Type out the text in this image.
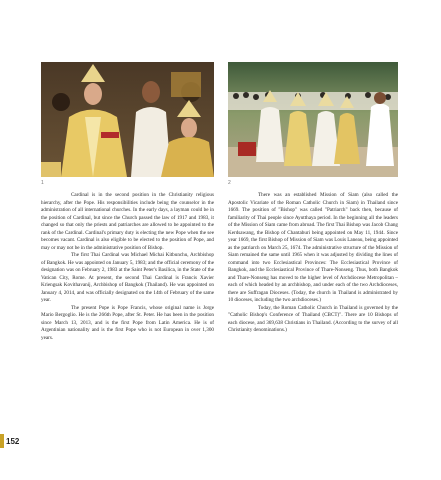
1	2

Cardinal is in the second position in the Christianity religious hierarchy, after the Pope. His responsibilities include being the counselor in the administration of all international churches. In the early days, a layman could be in the position of Cardinal, but since the Church passed the law of 1917 and 1983, it changed so that only the priests and patriarches are allowed to be appointed to the rank of the Cardinal. Cardinal's primary duty is electing the new Pope when the see becomes vacant. Cardinal is also eligible to be elected to the position of Pope, and may or may not be in the administrative position of Bishop.

The first Thai Cardinal was Michael Michai Kitbunchu, Archbishop of Bangkok. He was appointed on January 5, 1983; and the official ceremony of the designation was on February 2, 1983 at the Saint Peter's Basilica, in the State of the Vatican City, Rome. At present, the second Thai Cardinal is Francis Xavier Kriengsak Kovithavanij, Archbishop of Bangkok (Thailand). He was appointed on January 4, 2014, and was officially designated on the 14th of February of the same year.

The present Pope is Pope Francis, whose original name is Jorge Mario Bergoglio. He is the 266th Pope, after St. Peter. He has been in the position since March 13, 2013, and is the first Pope from Latin America. He is of Argentinian nationality and is the first Pope who is not European in over 1,300 years.

There was an established Mission of Siam (also called the Apostolic Vicariate of the Roman Catholic Church in Siam) in Thailand since 1669. The position of "Bishop" was called "Patriarch" back then, because of familiarity of Thai people since Ayutthaya period. In the beginning all the leaders of the Mission of Siam came from abroad. The first Thai Bishop was Jacob Chang Kerdsawang, the Bishop of Chantaburi being appointed on May 11, 1944. Since year 1669, the first Bishop of Mission of Siam was Louis Laneau, being appointed as the patriarch on March 25, 1674. The administrative structure of the Mission of Siam remained the same until 1965 when it was adjusted by dividing the lines of command into two Ecclesiastical Provinces: The Ecclesiastical Province of Bangkok, and the Ecclesiastical Province of Thare-Nonseng. Thus, both Bangkok and Thare-Nonseng has moved to the higher level of Archdiocese Metropolitan – each of which headed by an archbishop, and under each of the two Archdioceses, there are Suffragan Dioceses. (Today, the church in Thailand is administrated by 10 dioceses, including the two archdioceses.)

Today, the Roman Catholic Church in Thailand is governed by the "Catholic Bishop's Conference of Thailand (CBCT)". There are 10 Bishops of each diocese, and 369,638 Christians in Thailand. (According to the survey of all Christianity denominations.)

152
